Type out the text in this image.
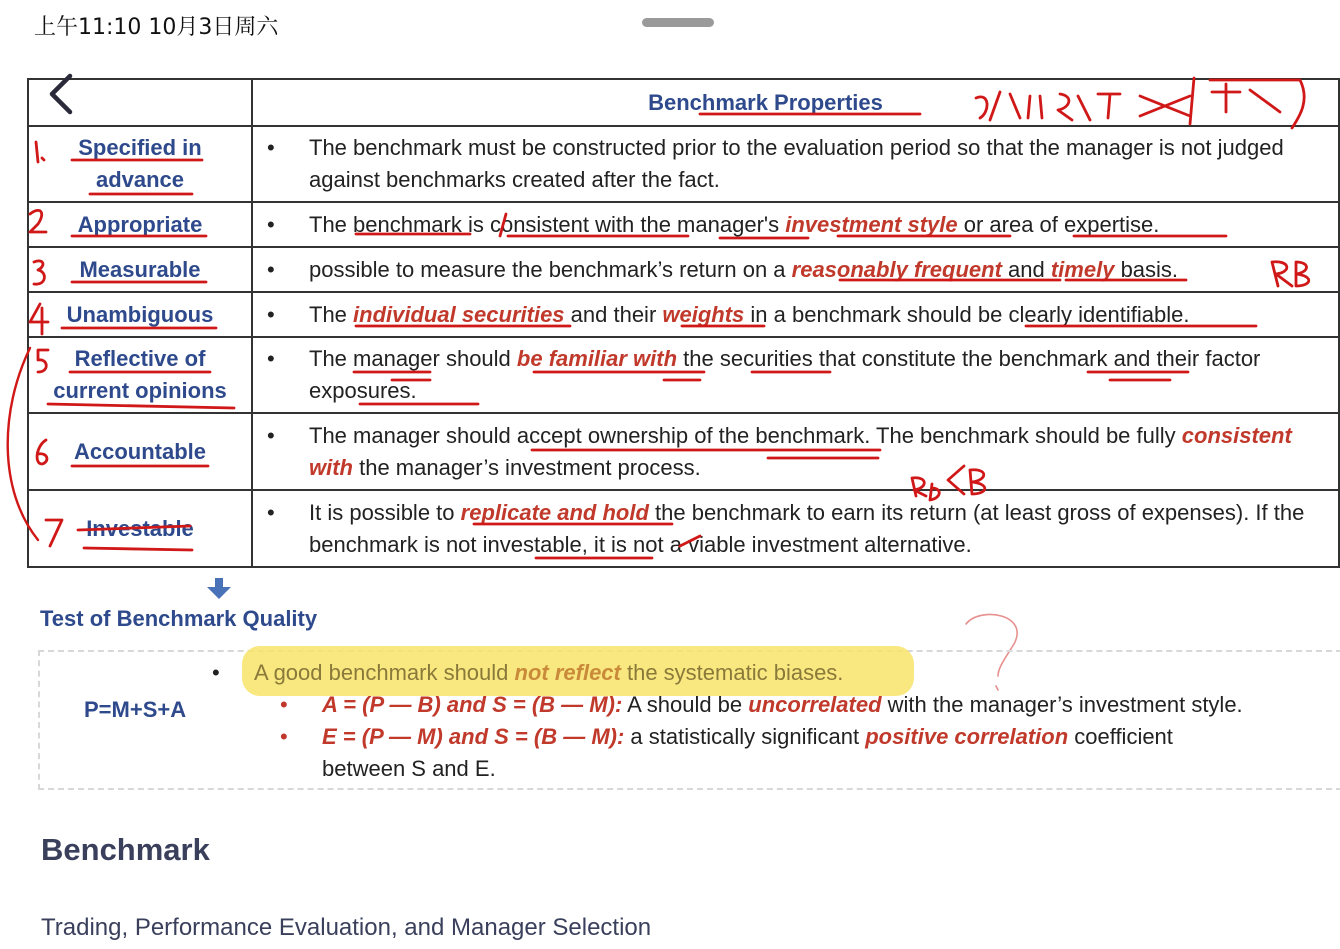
上午11:10 10月3日周六
	Benchmark Properties
Specified in advance	• The benchmark must be constructed prior to the evaluation period so that the manager is not judged against benchmarks created after the fact.

Appropriate	• The benchmark is consistent with the manager's investment style or area of expertise.

Measurable	• possible to measure the benchmark’s return on a reasonably frequent and timely basis.

Unambiguous	• The individual securities and their weights in a benchmark should be clearly identifiable.

Reflective of current opinions	• The manager should be familiar with the securities that constitute the benchmark and their factor exposures.

Accountable	• The manager should accept ownership of the benchmark. The benchmark should be fully consistent with the manager’s investment process.

Investable	• It is possible to replicate and hold the benchmark to earn its return (at least gross of expenses). If the benchmark is not investable, it is not a viable investment alternative.
Test of Benchmark Quality
P=M+S+A
• A good benchmark should not reflect the systematic biases.
• A = (P — B) and S = (B — M): A should be uncorrelated with the manager’s investment style.
• E = (P — M) and S = (B — M): a statistically significant positive correlation coefficient
between S and E.
Benchmark
Trading, Performance Evaluation, and Manager Selection
